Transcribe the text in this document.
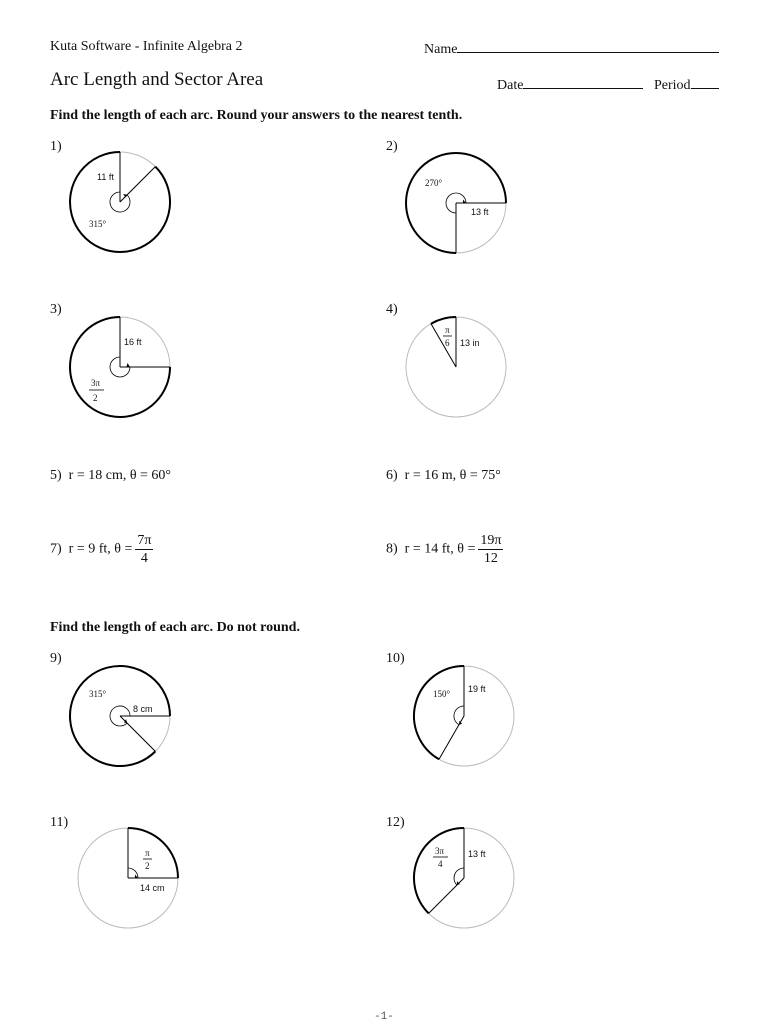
Kuta Software - Infinite Algebra 2	Name
Arc Length and Sector Area	Date	Period
Find the length of each arc. Round your answers to the nearest tenth.
1)	2)
11 ft
315°
270°
13 ft
3)	4)
16 ft
3π
2
π
6 13 in
5) r = 18 cm, θ = 60°	6) r = 16 m, θ = 75°
7) r = 9 ft, $\theta = \frac{7\pi}{4}$	8) r = 14 ft, $\theta = \frac{19\pi}{12}$
Find the length of each arc. Do not round.
9)	10)
315°
8 cm
150° 19 ft
11)	12)
π
2
14 cm
3π
4
13 ft
-1-
